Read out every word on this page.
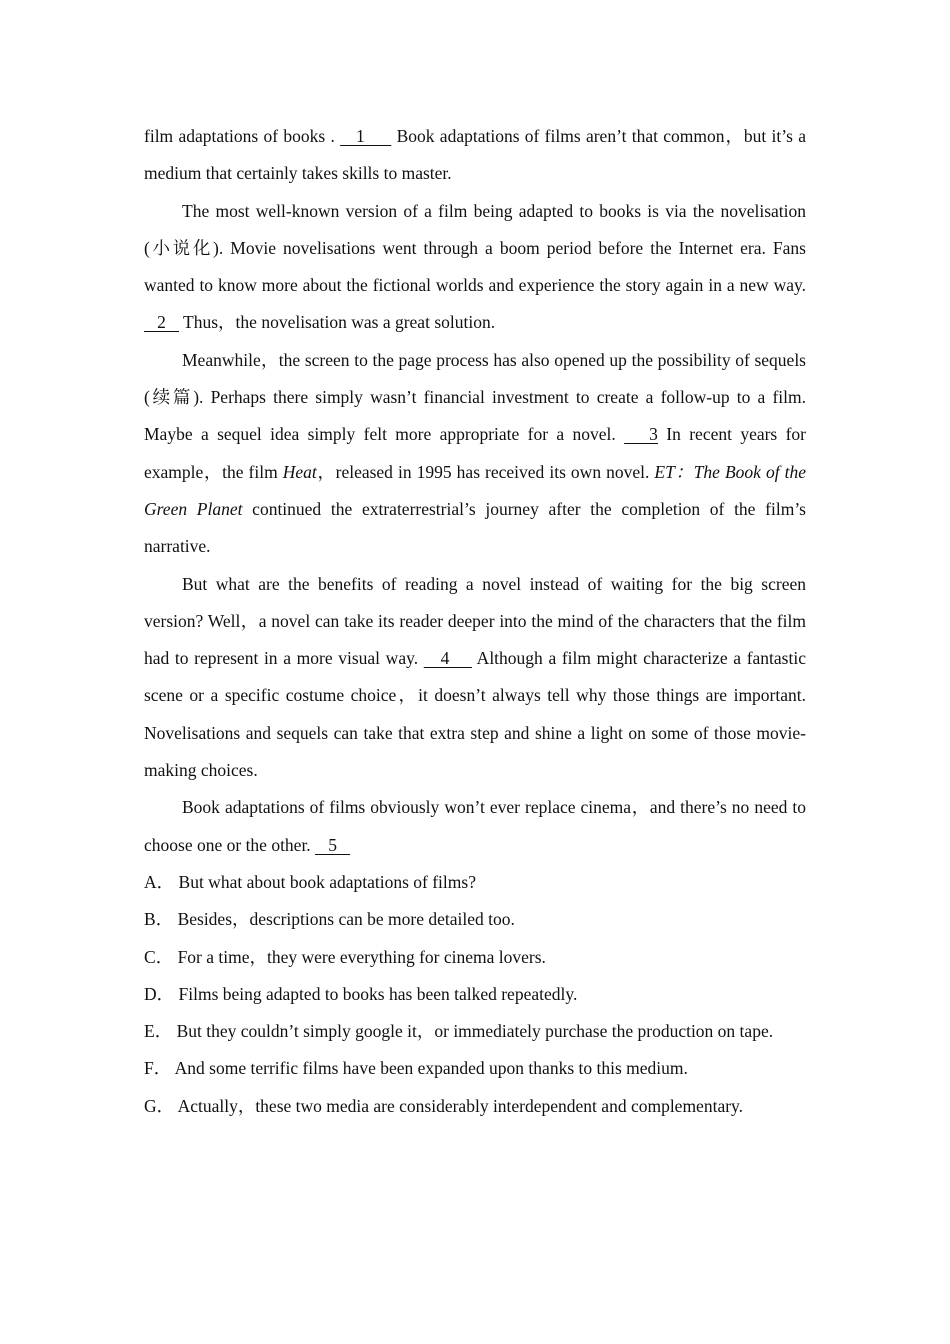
film adaptations of books .    1      Book adaptations of films aren’t that common，but it’s a medium that certainly takes skills to master.

The most well-known version of a film being adapted to books is via the novelisation (小说化). Movie novelisations went through a boom period before the Internet era. Fans wanted to know more about the fictional worlds and experience the story again in a new way.    2    Thus，the novelisation was a great solution.

Meanwhile，the screen to the page process has also opened up the possibility of sequels (续篇). Perhaps there simply wasn’t financial investment to create a follow-up to a film. Maybe a sequel idea simply felt more appropriate for a novel.    3 In recent years for example，the film Heat，released in 1995 has received its own novel. ET：The Book of the Green Planet continued the extraterrestrial’s journey after the completion of the film’s narrative.

But what are the benefits of reading a novel instead of waiting for the big screen version? Well，a novel can take its reader deeper into the mind of the characters that the film had to represent in a more visual way.    4     Although a film might characterize a fantastic scene or a specific costume choice，it doesn’t always tell why those things are important. Novelisations and sequels can take that extra step and shine a light on some of those movie-making choices.

Book adaptations of films obviously won’t ever replace cinema，and there’s no need to choose one or the other.    5

A． But what about book adaptations of films?

B． Besides，descriptions can be more detailed too.

C． For a time，they were everything for cinema lovers.

D． Films being adapted to books has been talked repeatedly.

E． But they couldn’t simply google it，or immediately purchase the production on tape.

F． And some terrific films have been expanded upon thanks to this medium.

G． Actually，these two media are considerably interdependent and complementary.
